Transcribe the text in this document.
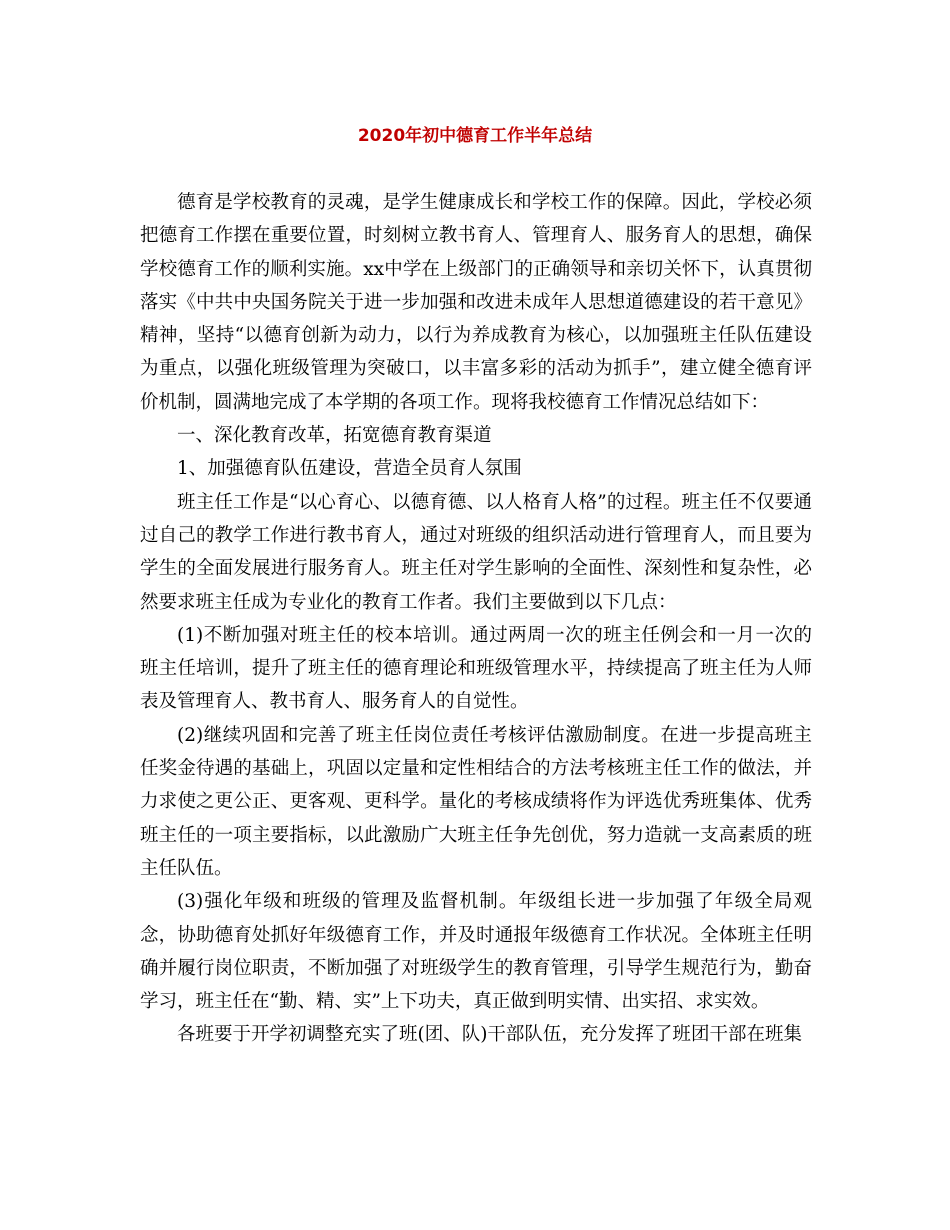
2020年初中德育工作半年总结

德育是学校教育的灵魂，是学生健康成长和学校工作的保障。因此，学校必须把德育工作摆在重要位置，时刻树立教书育人、管理育人、服务育人的思想，确保学校德育工作的顺利实施。xx中学在上级部门的正确领导和亲切关怀下，认真贯彻落实《中共中央国务院关于进一步加强和改进未成年人思想道德建设的若干意见》精神，坚持“以德育创新为动力，以行为养成教育为核心，以加强班主任队伍建设为重点，以强化班级管理为突破口，以丰富多彩的活动为抓手”，建立健全德育评价机制，圆满地完成了本学期的各项工作。现将我校德育工作情况总结如下：

一、深化教育改革，拓宽德育教育渠道

1、加强德育队伍建设，营造全员育人氛围

班主任工作是“以心育心、以德育德、以人格育人格”的过程。班主任不仅要通过自己的教学工作进行教书育人，通过对班级的组织活动进行管理育人，而且要为学生的全面发展进行服务育人。班主任对学生影响的全面性、深刻性和复杂性，必然要求班主任成为专业化的教育工作者。我们主要做到以下几点：

(1)不断加强对班主任的校本培训。通过两周一次的班主任例会和一月一次的班主任培训，提升了班主任的德育理论和班级管理水平，持续提高了班主任为人师表及管理育人、教书育人、服务育人的自觉性。

(2)继续巩固和完善了班主任岗位责任考核评估激励制度。在进一步提高班主任奖金待遇的基础上，巩固以定量和定性相结合的方法考核班主任工作的做法，并力求使之更公正、更客观、更科学。量化的考核成绩将作为评选优秀班集体、优秀班主任的一项主要指标，以此激励广大班主任争先创优，努力造就一支高素质的班主任队伍。

(3)强化年级和班级的管理及监督机制。年级组长进一步加强了年级全局观念，协助德育处抓好年级德育工作，并及时通报年级德育工作状况。全体班主任明确并履行岗位职责，不断加强了对班级学生的教育管理，引导学生规范行为，勤奋学习，班主任在“勤、精、实”上下功夫，真正做到明实情、出实招、求实效。

各班要于开学初调整充实了班(团、队)干部队伍，充分发挥了班团干部在班集
